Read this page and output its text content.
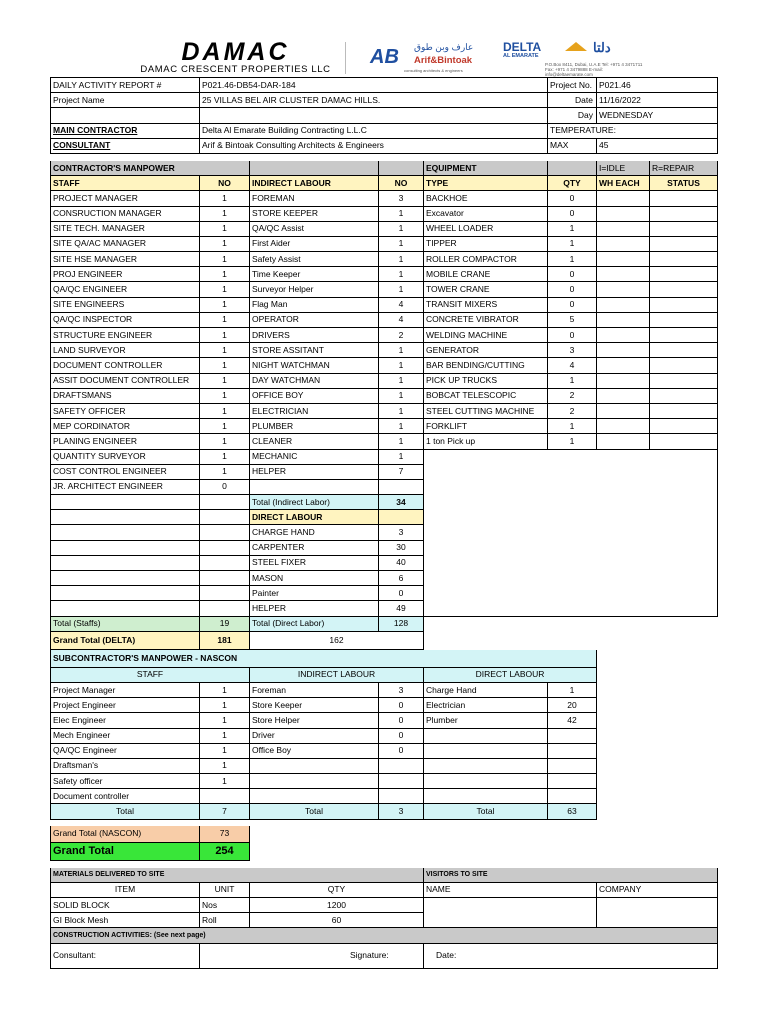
DAMAC
DAMAC CRESCENT PROPERTIES LLC
AB عارف وبن طوق
Arif&Bintoak
consulting architects & engineers
DELTA
AL EMARATE
دلتا
P.O.Box 8411, Dubai, U.A.E Tel: +971 4 3471711 Fax: +971 4 3479888 E-mail: info@deltaemarate.com
DAILY ACTIVITY REPORT #	P021.46-DB54-DAR-184				Project No.	P021.46	
Project Name	25 VILLAS BEL AIR CLUSTER DAMAC HILLS.				Date	11/16/2022	
					Day	WEDNESDAY	
MAIN CONTRACTOR	Delta Al Emarate Building Contracting L.L.C				TEMPERATURE:		
CONSULTANT	Arif & Bintoak Consulting Architects & Engineers				MAX	45	

CONTRACTOR'S MANPOWER				EQUIPMENT		I=IDLE	R=REPAIR
STAFF	NO	INDIRECT LABOUR	NO	TYPE	QTY	WH EACH	STATUS
PROJECT MANAGER	1	FOREMAN	3	BACKHOE	0		
CONSRUCTION MANAGER	1	STORE KEEPER	1	Excavator	0		
SITE TECH. MANAGER	1	QA/QC Assist	1	WHEEL LOADER	1		
SITE QA/AC MANAGER	1	First Aider	1	TIPPER	1		
SITE HSE MANAGER	1	Safety Assist	1	ROLLER COMPACTOR	1		
PROJ ENGINEER	1	Time Keeper	1	MOBILE CRANE	0		
QA/QC ENGINEER	1	Surveyor Helper	1	TOWER CRANE	0		
SITE ENGINEERS	1	Flag Man	4	TRANSIT MIXERS	0		
QA/QC INSPECTOR	1	OPERATOR	4	CONCRETE VIBRATOR	5		
STRUCTURE ENGINEER	1	DRIVERS	2	WELDING MACHINE	0		
LAND SURVEYOR	1	STORE ASSITANT	1	GENERATOR	3		
DOCUMENT CONTROLLER	1	NIGHT WATCHMAN	1	BAR BENDING/CUTTING	4		
ASSIT DOCUMENT CONTROLLER	1	DAY WATCHMAN	1	PICK UP TRUCKS	1		
DRAFTSMANS	1	OFFICE BOY	1	BOBCAT TELESCOPIC	2		
SAFETY OFFICER	1	ELECTRICIAN	1	STEEL CUTTING MACHINE	2		
MEP CORDINATOR	1	PLUMBER	1	FORKLIFT	1		
PLANING ENGINEER	1	CLEANER	1	1 ton Pick up	1		
QUANTITY SURVEYOR	1	MECHANIC	1				
COST CONTROL ENGINEER	1	HELPER	7				
JR. ARCHITECT ENGINEER	0						
		Total (Indirect Labor)	34				
		DIRECT LABOUR					
		CHARGE HAND	3				
		CARPENTER	30				
		STEEL FIXER	40				
		MASON	6				
		Painter	0				
		HELPER	49				
Total (Staffs)	19	Total (Direct Labor)	128				
Grand Total (DELTA)	181	162					
SUBCONTRACTOR'S MANPOWER - NASCON							
STAFF		INDIRECT LABOUR		DIRECT LABOUR			
Project Manager	1	Foreman	3	Charge Hand	1		
Project Engineer	1	Store Keeper	0	Electrician	20		
Elec Engineer	1	Store Helper	0	Plumber	42		
Mech Engineer	1	Driver	0				
QA/QC Engineer	1	Office Boy	0				
Draftsman's	1						
Safety officer	1						
Document controller							
Total	7	Total	3	Total	63		

Grand Total (NASCON)	73						
Grand Total	254						

MATERIALS DELIVERED TO SITE				VISITORS TO SITE			
ITEM	UNIT	QTY		NAME		COMPANY	
SOLID BLOCK	Nos	1200					
GI Block Mesh	Roll	60					
CONSTRUCTION ACTIVITIES: (See next page)							
Consultant:	Signature:			Date:			
